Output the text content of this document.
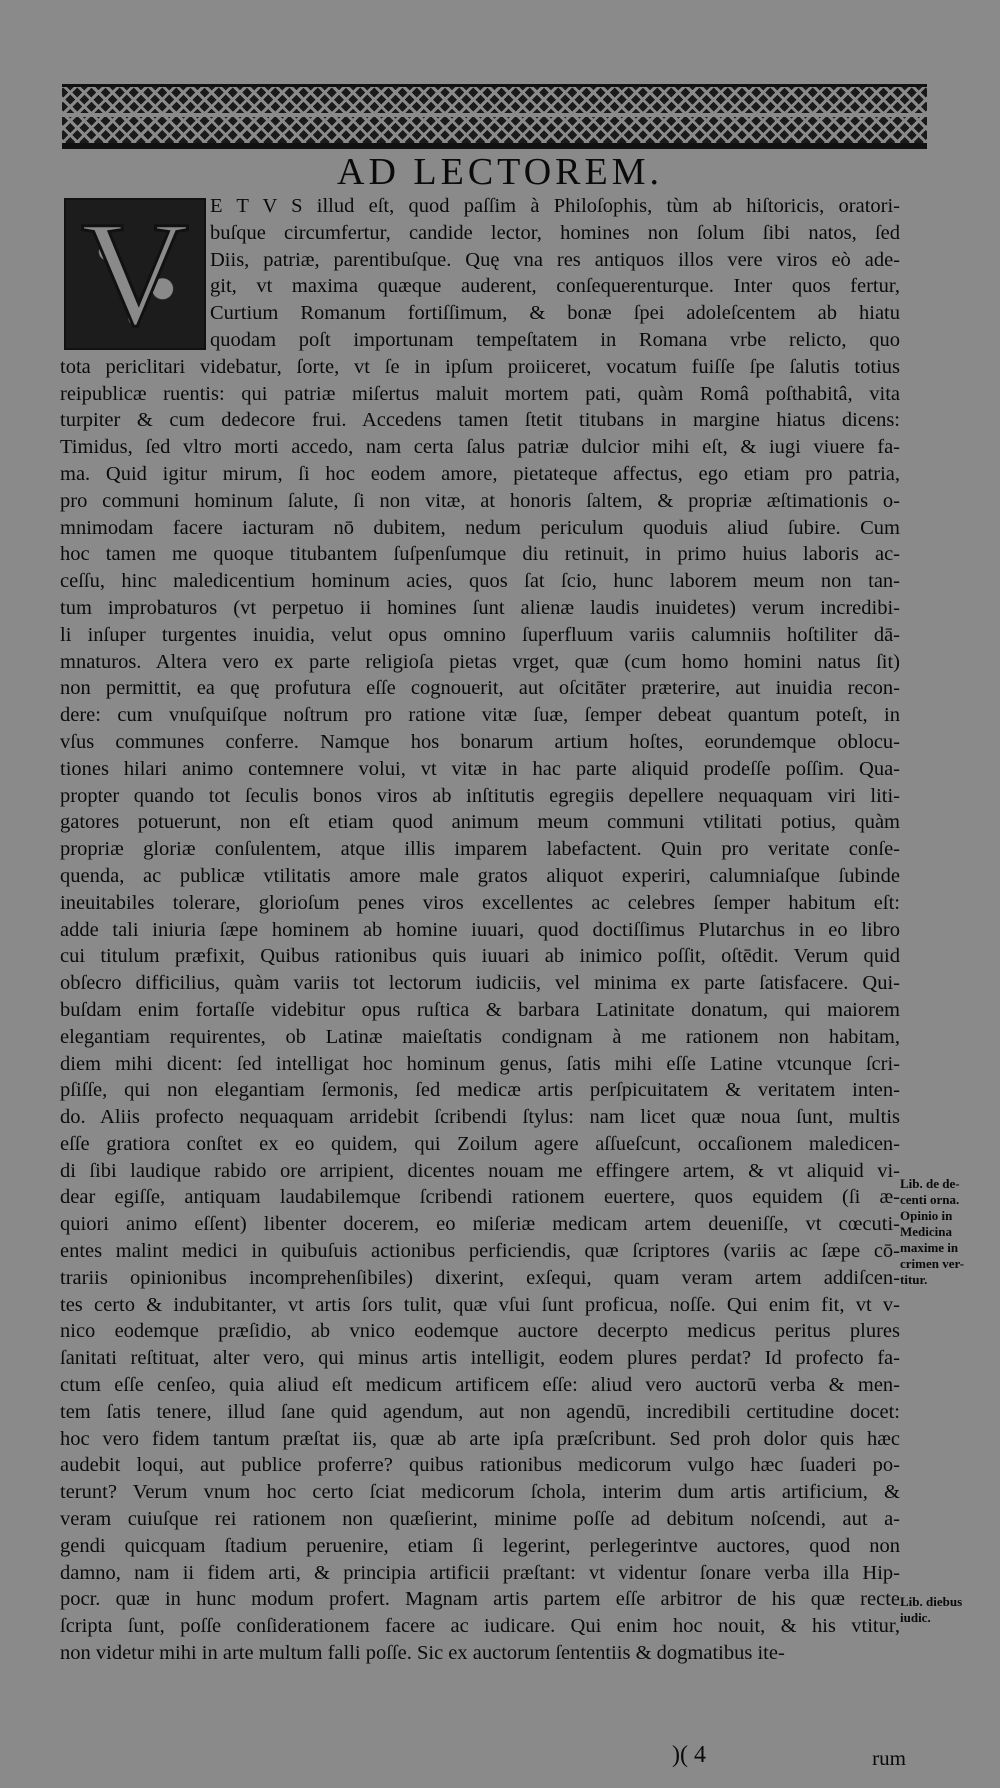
AD LECTOREM.
V	E T V S illud eſt, quod paſſim à Philoſophis, tùm ab hiſtoricis, oratori-
buſque circumfertur, candide lector, homines non ſolum ſibi natos, ſed
Diis, patriæ, parentibuſque. Quę vna res antiquos illos vere viros eò ade-
git, vt maxima quæque auderent, conſequerenturque. Inter quos fertur,
Curtium Romanum fortiſſimum, & bonæ ſpei adoleſcentem ab hiatu
quodam poſt importunam tempeſtatem in Romana vrbe relicto, quo
tota periclitari videbatur, ſorte, vt ſe in ipſum proiiceret, vocatum fuiſſe ſpe ſalutis totius
reipublicæ ruentis: qui patriæ miſertus maluit mortem pati, quàm Româ poſthabitâ, vita
turpiter & cum dedecore frui. Accedens tamen ſtetit titubans in margine hiatus dicens:
Timidus, ſed vltro morti accedo, nam certa ſalus patriæ dulcior mihi eſt, & iugi viuere fa-
ma. Quid igitur mirum, ſi hoc eodem amore, pietateque affectus, ego etiam pro patria,
pro communi hominum ſalute, ſi non vitæ, at honoris ſaltem, & propriæ æſtimationis o-
mnimodam facere iacturam nō dubitem, nedum periculum quoduis aliud ſubire. Cum
hoc tamen me quoque titubantem ſuſpenſumque diu retinuit, in primo huius laboris ac-
ceſſu, hinc maledicentium hominum acies, quos ſat ſcio, hunc laborem meum non tan-
tum improbaturos (vt perpetuo ii homines ſunt alienæ laudis inuidetes) verum incredibi-
li inſuper turgentes inuidia, velut opus omnino ſuperfluum variis calumniis hoſtiliter dā-
mnaturos. Altera vero ex parte religioſa pietas vrget, quæ (cum homo homini natus ſit)
non permittit, ea quę profutura eſſe cognouerit, aut oſcitāter præterire, aut inuidia recon-
dere: cum vnuſquiſque noſtrum pro ratione vitæ ſuæ, ſemper debeat quantum poteſt, in
vſus communes conferre. Namque hos bonarum artium hoſtes, eorundemque oblocu-
tiones hilari animo contemnere volui, vt vitæ in hac parte aliquid prodeſſe poſſim. Qua-
propter quando tot ſeculis bonos viros ab inſtitutis egregiis depellere nequaquam viri liti-
gatores potuerunt, non eſt etiam quod animum meum communi vtilitati potius, quàm
propriæ gloriæ conſulentem, atque illis imparem labefactent. Quin pro veritate conſe-
quenda, ac publicæ vtilitatis amore male gratos aliquot experiri, calumniaſque ſubinde
ineuitabiles tolerare, glorioſum penes viros excellentes ac celebres ſemper habitum eſt:
adde tali iniuria ſæpe hominem ab homine iuuari, quod doctiſſimus Plutarchus in eo libro
cui titulum præfixit, Quibus rationibus quis iuuari ab inimico poſſit, oſtēdit. Verum quid
obſecro difficilius, quàm variis tot lectorum iudiciis, vel minima ex parte ſatisfacere. Qui-
buſdam enim fortaſſe videbitur opus ruſtica & barbara Latinitate donatum, qui maiorem
elegantiam requirentes, ob Latinæ maieſtatis condignam à me rationem non habitam,
diem mihi dicent: ſed intelligat hoc hominum genus, ſatis mihi eſſe Latine vtcunque ſcri-
pſiſſe, qui non elegantiam ſermonis, ſed medicæ artis perſpicuitatem & veritatem inten-
do. Aliis profecto nequaquam arridebit ſcribendi ſtylus: nam licet quæ noua ſunt, multis
eſſe gratiora conſtet ex eo quidem, qui Zoilum agere aſſueſcunt, occaſionem maledicen-
di ſibi laudique rabido ore arripient, dicentes nouam me effingere artem, & vt aliquid vi-
dear egiſſe, antiquam laudabilemque ſcribendi rationem euertere, quos equidem (ſi æ-
quiori animo eſſent) libenter docerem, eo miſeriæ medicam artem deueniſſe, vt cœcuti-
entes malint medici in quibuſuis actionibus perficiendis, quæ ſcriptores (variis ac ſæpe cō-
trariis opinionibus incomprehenſibiles) dixerint, exſequi, quam veram artem addiſcen-
tes certo & indubitanter, vt artis ſors tulit, quæ vſui ſunt proficua, noſſe. Qui enim fit, vt v-
nico eodemque præſidio, ab vnico eodemque auctore decerpto medicus peritus plures
ſanitati reſtituat, alter vero, qui minus artis intelligit, eodem plures perdat? Id profecto fa-
ctum eſſe cenſeo, quia aliud eſt medicum artificem eſſe: aliud vero auctorū verba & men-
tem ſatis tenere, illud ſane quid agendum, aut non agendū, incredibili certitudine docet:
hoc vero fidem tantum præſtat iis, quæ ab arte ipſa præſcribunt. Sed proh dolor quis hæc
audebit loqui, aut publice proferre? quibus rationibus medicorum vulgo hæc ſuaderi po-
terunt? Verum vnum hoc certo ſciat medicorum ſchola, interim dum artis artificium, &
veram cuiuſque rei rationem non quæſierint, minime poſſe ad debitum noſcendi, aut a-
gendi quicquam ſtadium peruenire, etiam ſi legerint, perlegerintve auctores, quod non
damno, nam ii fidem arti, & principia artificii præſtant: vt videntur ſonare verba illa Hip-
pocr. quæ in hunc modum profert. Magnam artis partem eſſe arbitror de his quæ recte
ſcripta ſunt, poſſe conſiderationem facere ac iudicare. Qui enim hoc nouit, & his vtitur,
non videtur mihi in arte multum falli poſſe. Sic ex auctorum ſententiis & dogmatibus ite-
Lib. de de-
centi orna.
Opinio in
Medicina
maxime in
crimen ver-
titur.
Lib. diebus
iudic.
)( 4	rum
